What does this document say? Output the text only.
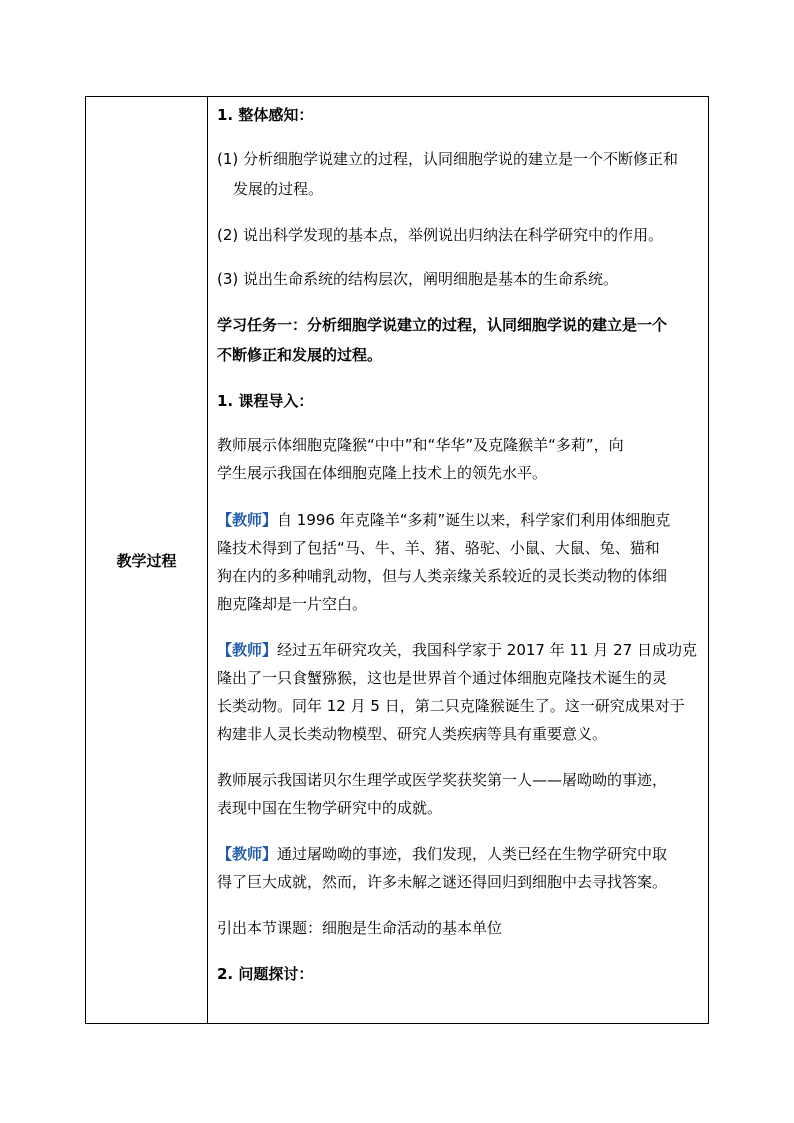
教学过程
1. 整体感知：
(1) 分析细胞学说建立的过程，认同细胞学说的建立是一个不断修正和
发展的过程。
(2) 说出科学发现的基本点，举例说出归纳法在科学研究中的作用。
(3) 说出生命系统的结构层次，阐明细胞是基本的生命系统。
学习任务一：分析细胞学说建立的过程，认同细胞学说的建立是一个
不断修正和发展的过程。
1. 课程导入：
教师展示体细胞克隆猴“中中”和“华华”及克隆猴羊“多莉”，向
学生展示我国在体细胞克隆上技术上的领先水平。
【教师】自 1996 年克隆羊“多莉”诞生以来，科学家们利用体细胞克
隆技术得到了包括“马、牛、羊、猪、骆驼、小鼠、大鼠、兔、猫和
狗在内的多种哺乳动物，但与人类亲缘关系较近的灵长类动物的体细
胞克隆却是一片空白。
【教师】经过五年研究攻关，我国科学家于 2017 年 11 月 27 日成功克
隆出了一只食蟹猕猴，这也是世界首个通过体细胞克隆技术诞生的灵
长类动物。同年 12 月 5 日，第二只克隆猴诞生了。这一研究成果对于
构建非人灵长类动物模型、研究人类疾病等具有重要意义。
教师展示我国诺贝尔生理学或医学奖获奖第一人——屠呦呦的事迹，
表现中国在生物学研究中的成就。
【教师】通过屠呦呦的事迹，我们发现，人类已经在生物学研究中取
得了巨大成就，然而，许多未解之谜还得回归到细胞中去寻找答案。
引出本节课题：细胞是生命活动的基本单位
2. 问题探讨：
